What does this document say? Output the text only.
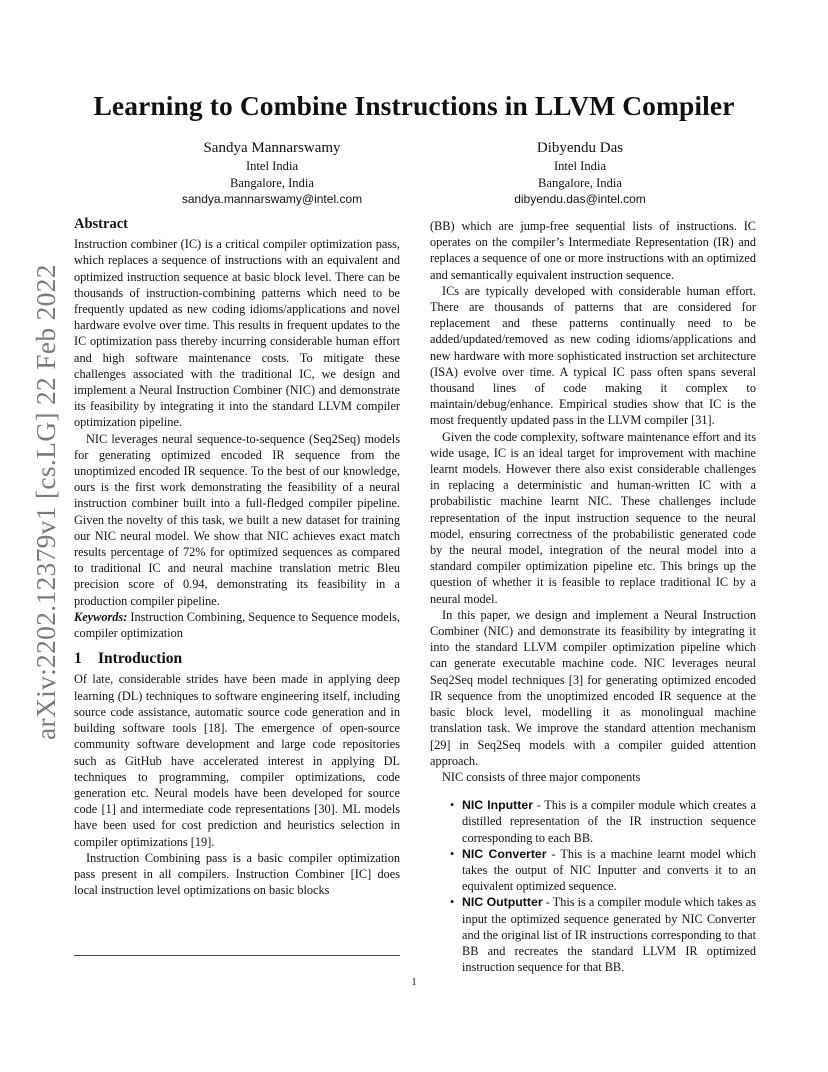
arXiv:2202.12379v1 [cs.LG] 22 Feb 2022
Learning to Combine Instructions in LLVM Compiler
Sandya Mannarswamy
Intel India
Bangalore, India
sandya.mannarswamy@intel.com
Dibyendu Das
Intel India
Bangalore, India
dibyendu.das@intel.com
Abstract

Instruction combiner (IC) is a critical compiler optimization pass, which replaces a sequence of instructions with an equivalent and optimized instruction sequence at basic block level. There can be thousands of instruction-combining patterns which need to be frequently updated as new coding idioms/applications and novel hardware evolve over time. This results in frequent updates to the IC optimization pass thereby incurring considerable human effort and high software maintenance costs. To mitigate these challenges associated with the traditional IC, we design and implement a Neural Instruction Combiner (NIC) and demonstrate its feasibility by integrating it into the standard LLVM compiler optimization pipeline.

NIC leverages neural sequence-to-sequence (Seq2Seq) models for generating optimized encoded IR sequence from the unoptimized encoded IR sequence. To the best of our knowledge, ours is the first work demonstrating the feasibility of a neural instruction combiner built into a full-fledged compiler pipeline. Given the novelty of this task, we built a new dataset for training our NIC neural model. We show that NIC achieves exact match results percentage of 72% for optimized sequences as compared to traditional IC and neural machine translation metric Bleu precision score of 0.94, demonstrating its feasibility in a production compiler pipeline.

Keywords: Instruction Combining, Sequence to Sequence models, compiler optimization

1 Introduction

Of late, considerable strides have been made in applying deep learning (DL) techniques to software engineering itself, including source code assistance, automatic source code generation and in building software tools [18]. The emergence of open-source community software development and large code repositories such as GitHub have accelerated interest in applying DL techniques to programming, compiler optimizations, code generation etc. Neural models have been developed for source code [1] and intermediate code representations [30]. ML models have been used for cost prediction and heuristics selection in compiler optimizations [19].

Instruction Combining pass is a basic compiler optimization pass present in all compilers. Instruction Combiner [IC] does local instruction level optimizations on basic blocks

(BB) which are jump-free sequential lists of instructions. IC operates on the compiler’s Intermediate Representation (IR) and replaces a sequence of one or more instructions with an optimized and semantically equivalent instruction sequence.

ICs are typically developed with considerable human effort. There are thousands of patterns that are considered for replacement and these patterns continually need to be added/updated/removed as new coding idioms/applications and new hardware with more sophisticated instruction set architecture (ISA) evolve over time. A typical IC pass often spans several thousand lines of code making it complex to maintain/debug/enhance. Empirical studies show that IC is the most frequently updated pass in the LLVM compiler [31].

Given the code complexity, software maintenance effort and its wide usage, IC is an ideal target for improvement with machine learnt models. However there also exist considerable challenges in replacing a deterministic and human-written IC with a probabilistic machine learnt NIC. These challenges include representation of the input instruction sequence to the neural model, ensuring correctness of the probabilistic generated code by the neural model, integration of the neural model into a standard compiler optimization pipeline etc. This brings up the question of whether it is feasible to replace traditional IC by a neural model.

In this paper, we design and implement a Neural Instruction Combiner (NIC) and demonstrate its feasibility by integrating it into the standard LLVM compiler optimization pipeline which can generate executable machine code. NIC leverages neural Seq2Seq model techniques [3] for generating optimized encoded IR sequence from the unoptimized encoded IR sequence at the basic block level, modelling it as monolingual machine translation task. We improve the standard attention mechanism [29] in Seq2Seq models with a compiler guided attention approach.

NIC consists of three major components

• NIC Inputter - This is a compiler module which creates a distilled representation of the IR instruction sequence corresponding to each BB.
• NIC Converter - This is a machine learnt model which takes the output of NIC Inputter and converts it to an equivalent optimized sequence.
• NIC Outputter - This is a compiler module which takes as input the optimized sequence generated by NIC Converter and the original list of IR instructions corresponding to that BB and recreates the standard LLVM IR optimized instruction sequence for that BB.
1
